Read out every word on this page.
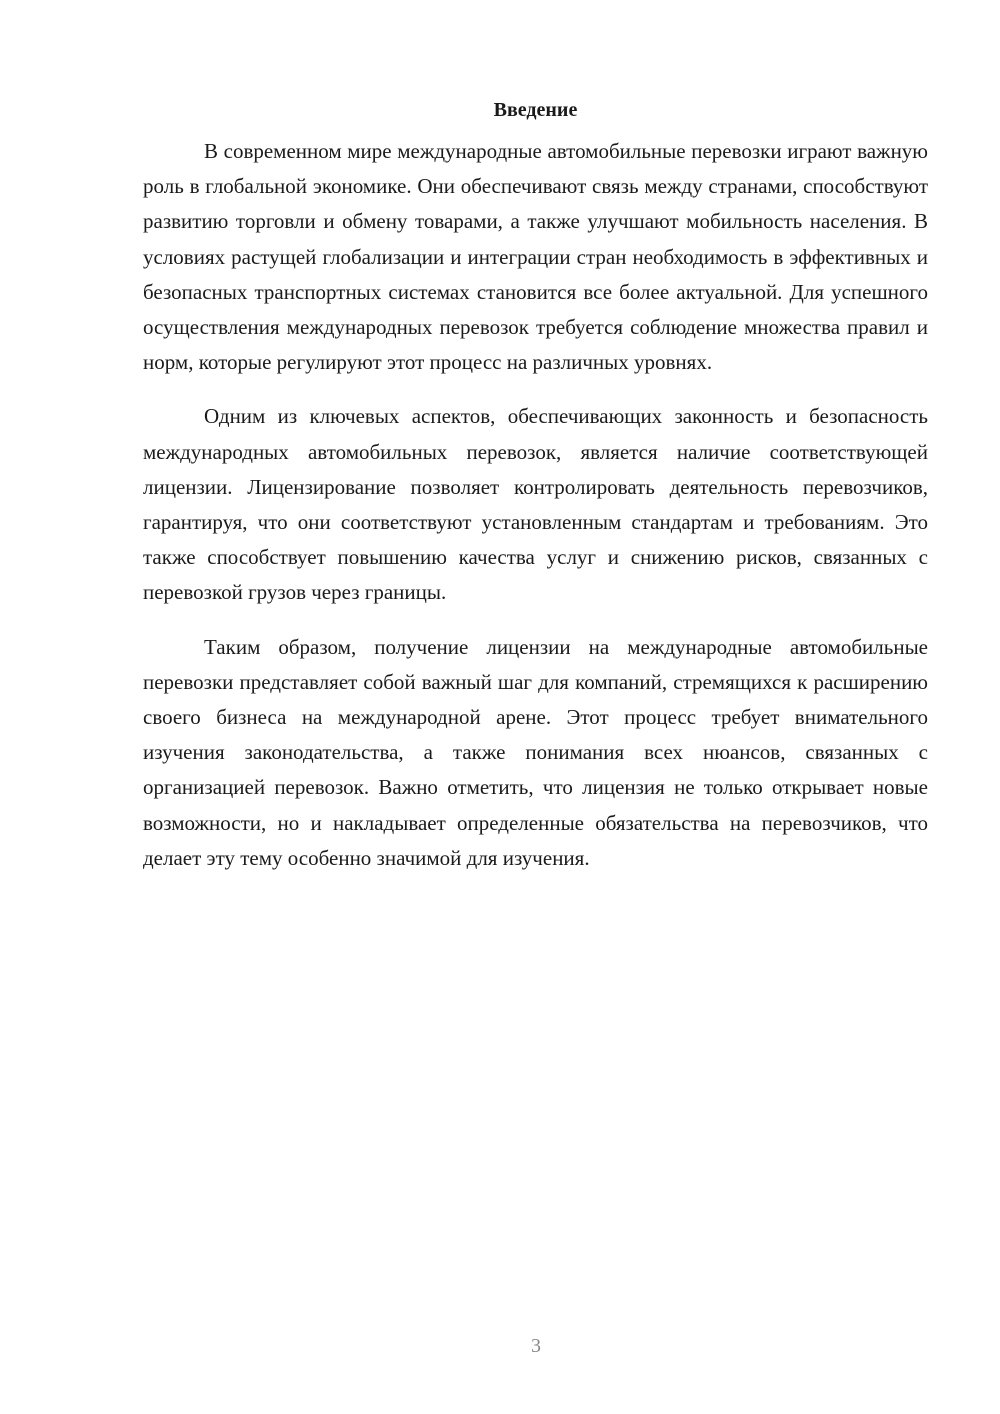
Введение

В современном мире международные автомобильные перевозки играют важную роль в глобальной экономике. Они обеспечивают связь между странами, способствуют развитию торговли и обмену товарами, а также улучшают мобильность населения. В условиях растущей глобализации и интеграции стран необходимость в эффективных и безопасных транспортных системах становится все более актуальной. Для успешного осуществления международных перевозок требуется соблюдение множества правил и норм, которые регулируют этот процесс на различных уровнях.

Одним из ключевых аспектов, обеспечивающих законность и безопасность международных автомобильных перевозок, является наличие соответствующей лицензии. Лицензирование позволяет контролировать деятельность перевозчиков, гарантируя, что они соответствуют установленным стандартам и требованиям. Это также способствует повышению качества услуг и снижению рисков, связанных с перевозкой грузов через границы.

Таким образом, получение лицензии на международные автомобильные перевозки представляет собой важный шаг для компаний, стремящихся к расширению своего бизнеса на международной арене. Этот процесс требует внимательного изучения законодательства, а также понимания всех нюансов, связанных с организацией перевозок. Важно отметить, что лицензия не только открывает новые возможности, но и накладывает определенные обязательства на перевозчиков, что делает эту тему особенно значимой для изучения.

3
